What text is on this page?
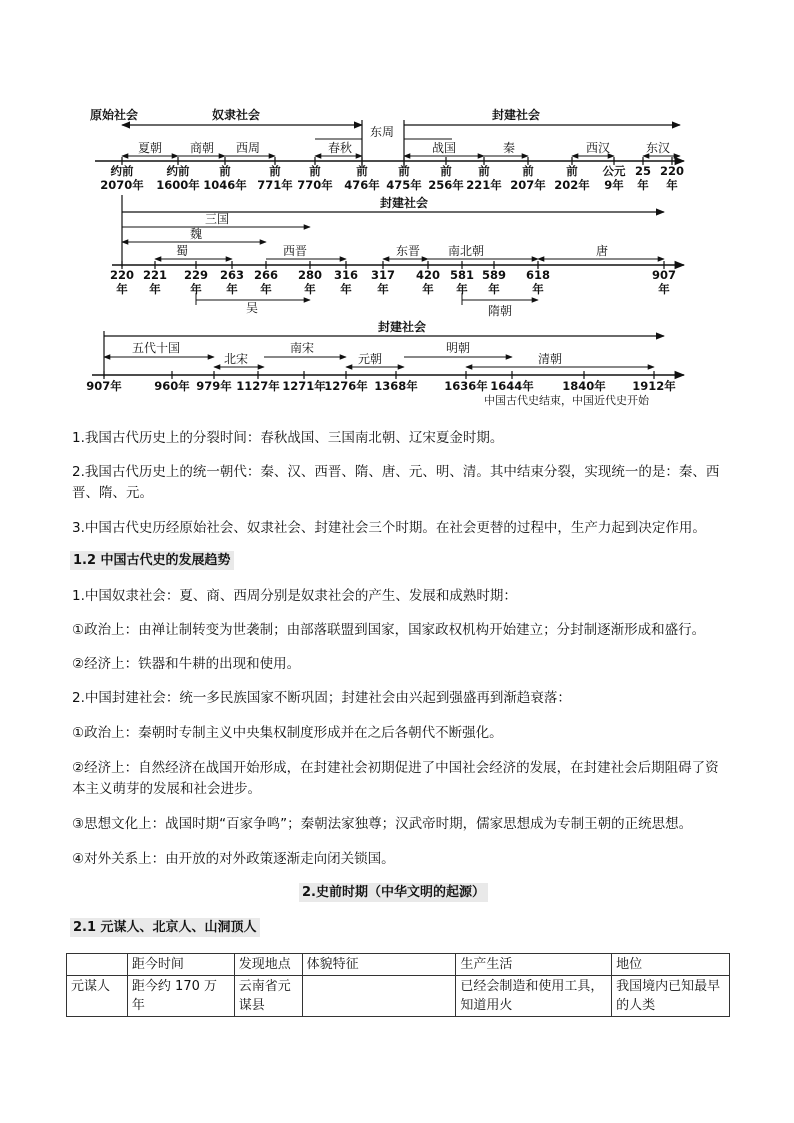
原始社会	奴隶社会	封建社会
东周
夏朝 商朝 西周	春秋	战国	秦	西汉	东汉
约前
2070年
约前
1600年
前
1046年
前
771年
前
770年
前
476年
前
475年
前
256年
前
221年
前
207年
前
202年
公元
9年
25
年
220
年
封建社会
三国
魏
蜀	西晋	东晋 南北朝	唐
220
年
221
年
229
年
263
年
266
年
280
年
316
年
317
年
420
年
581
年
589
年
618
年
907
年
吴	隋朝
封建社会
五代十国
北宋
南宋
元朝
明朝
清朝
907年	960年 979年 1127年 1271年
1276年 1368年 1636年 1644年 1840年 1912年
中国古代史结束，中国近代史开始

1.我国古代历史上的分裂时间：春秋战国、三国南北朝、辽宋夏金时期。

2.我国古代历史上的统一朝代：秦、汉、西晋、隋、唐、元、明、清。其中结束分裂，实现统一的是：秦、西晋、隋、元。

3.中国古代史历经原始社会、奴隶社会、封建社会三个时期。在社会更替的过程中，生产力起到决定作用。

1.2 中国古代史的发展趋势

1.中国奴隶社会：夏、商、西周分别是奴隶社会的产生、发展和成熟时期：

①政治上：由禅让制转变为世袭制；由部落联盟到国家，国家政权机构开始建立；分封制逐渐形成和盛行。

②经济上：铁器和牛耕的出现和使用。

2.中国封建社会：统一多民族国家不断巩固；封建社会由兴起到强盛再到渐趋衰落：

①政治上：秦朝时专制主义中央集权制度形成并在之后各朝代不断强化。

②经济上：自然经济在战国开始形成，在封建社会初期促进了中国社会经济的发展，在封建社会后期阻碍了资本主义萌芽的发展和社会进步。

③思想文化上：战国时期“百家争鸣”；秦朝法家独尊；汉武帝时期，儒家思想成为专制王朝的正统思想。

④对外关系上：由开放的对外政策逐渐走向闭关锁国。

2.史前时期（中华文明的起源）
2.1 元谋人、北京人、山洞顶人
	距今时间	发现地点	体貌特征	生产生活	地位
元谋人	距今约 170 万年	云南省元谋县		已经会制造和使用工具，知道用火	我国境内已知最早的人类
